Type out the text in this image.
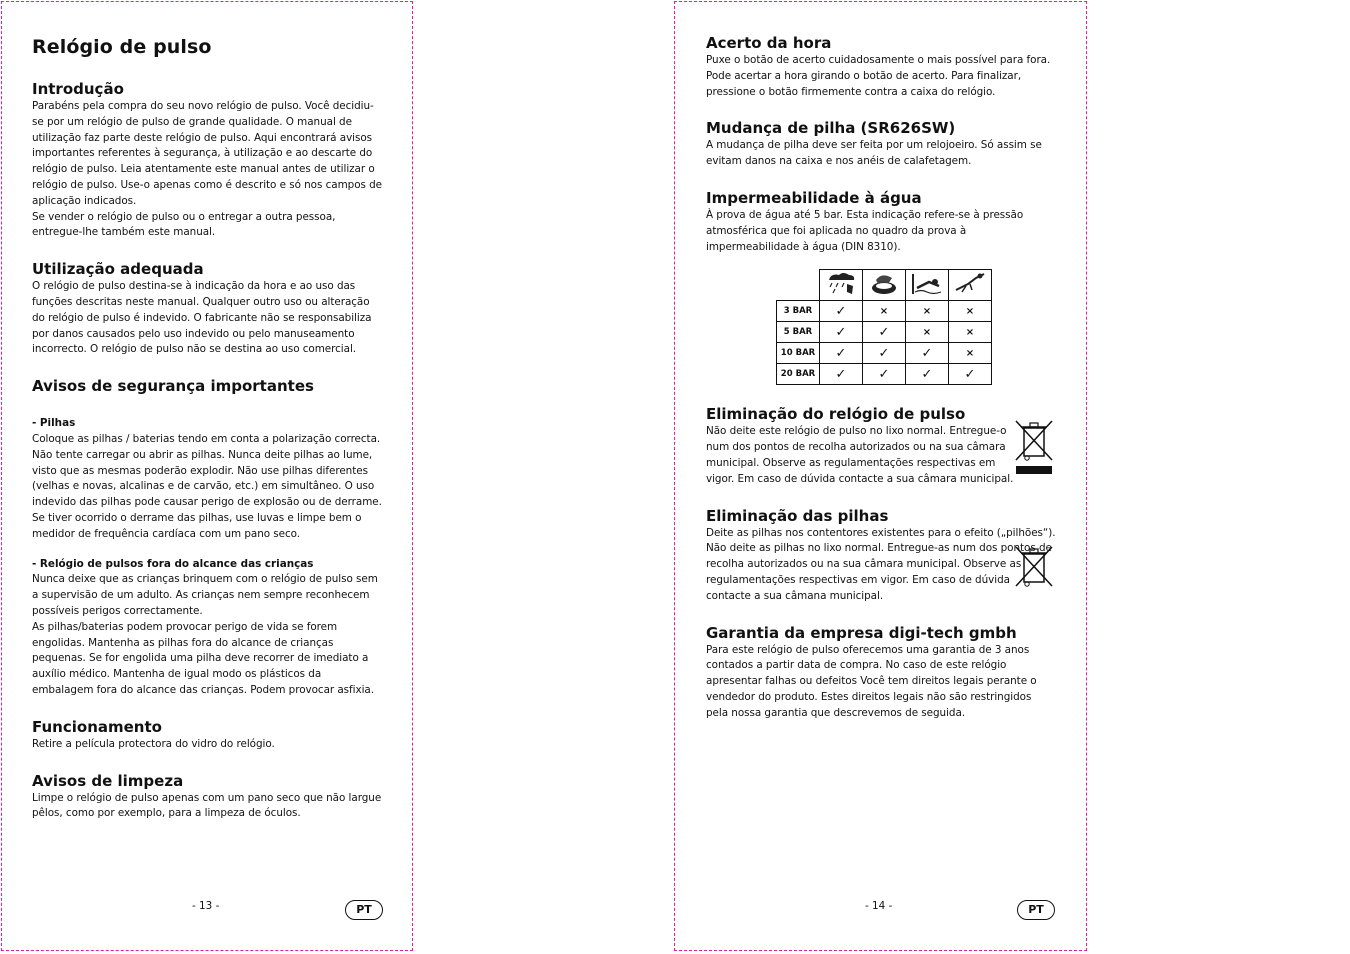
Relógio de pulso
Introdução

Parabéns pela compra do seu novo relógio de pulso. Você decidiu-se por um relógio de pulso de grande qualidade. O manual de utilização faz parte deste relógio de pulso. Aqui encontrará avisos importantes referentes à segurança, à utilização e ao descarte do relógio de pulso. Leia atentamente este manual antes de utilizar o relógio de pulso. Use-o apenas como é descrito e só nos campos de aplicação indicados.

Se vender o relógio de pulso ou o entregar a outra pessoa, entregue-lhe também este manual.

Utilização adequada

O relógio de pulso destina-se à indicação da hora e ao uso das funções descritas neste manual. Qualquer outro uso ou alteração do relógio de pulso é indevido. O fabricante não se responsabiliza por danos causados pelo uso indevido ou pelo manuseamento incorrecto. O relógio de pulso não se destina ao uso comercial.

Avisos de segurança importantes
- Pilhas

Coloque as pilhas / baterias tendo em conta a polarização correcta. Não tente carregar ou abrir as pilhas. Nunca deite pilhas ao lume, visto que as mesmas poderão explodir. Não use pilhas diferentes (velhas e novas, alcalinas e de carvão, etc.) em simultâneo. O uso indevido das pilhas pode causar perigo de explosão ou de derrame.

Se tiver ocorrido o derrame das pilhas, use luvas e limpe bem o medidor de frequência cardíaca com um pano seco.

- Relógio de pulsos fora do alcance das crianças

Nunca deixe que as crianças brinquem com o relógio de pulso sem a supervisão de um adulto. As crianças nem sempre reconhecem possíveis perigos correctamente.

As pilhas/baterias podem provocar perigo de vida se forem engolidas. Mantenha as pilhas fora do alcance de crianças pequenas. Se for engolida uma pilha deve recorrer de imediato a auxílio médico. Mantenha de igual modo os plásticos da embalagem fora do alcance das crianças. Podem provocar asfixia.

Funcionamento

Retire a película protectora do vidro do relógio.

Avisos de limpeza

Limpe o relógio de pulso apenas com um pano seco que não largue pêlos, como por exemplo, para a limpeza de óculos.

- 13 -	PT
Acerto da hora

Puxe o botão de acerto cuidadosamente o mais possível para fora. Pode acertar a hora girando o botão de acerto. Para finalizar, pressione o botão firmemente contra a caixa do relógio.

Mudança de pilha (SR626SW)

A mudança de pilha deve ser feita por um relojoeiro. Só assim se evitam danos na caixa e nos anéis de calafetagem.

Impermeabilidade à água

À prova de água até 5 bar. Esta indicação refere-se à pressão atmosférica que foi aplicada no quadro da prova à impermeabilidade à água (DIN 8310).

3 BAR	✓	×	×	×
5 BAR	✓	✓	×	×
10 BAR	✓	✓	✓	×
20 BAR	✓	✓	✓	✓
Eliminação do relógio de pulso

Não deite este relógio de pulso no lixo normal. Entregue-o num dos pontos de recolha autorizados ou na sua câmara municipal. Observe as regulamentações respectivas em vigor. Em caso de dúvida contacte a sua câmara municipal.

Eliminação das pilhas

Deite as pilhas nos contentores existentes para o efeito („pilhões“). Não deite as pilhas no lixo normal. Entregue-as num dos pontos de recolha autorizados ou na sua câmara municipal. Observe as regulamentações respectivas em vigor. Em caso de dúvida contacte a sua câmana municipal.

Garantia da empresa digi-tech gmbh

Para este relógio de pulso oferecemos uma garantia de 3 anos contados a partir data de compra. No caso de este relógio apresentar falhas ou defeitos Você tem direitos legais perante o vendedor do produto. Estes direitos legais não são restringidos pela nossa garantia que descrevemos de seguida.

- 14 -	PT
